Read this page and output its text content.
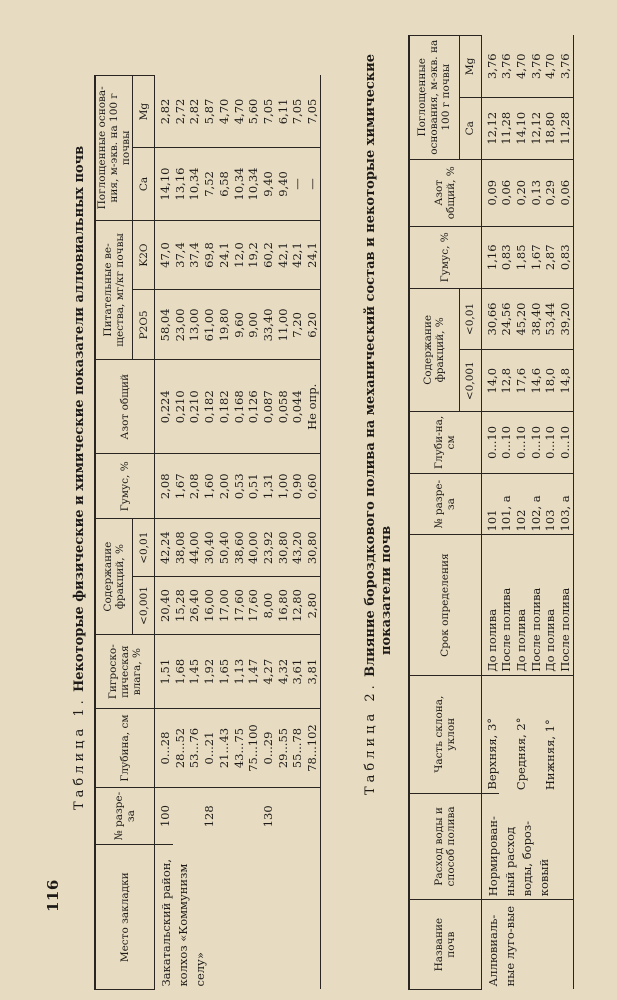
116
Таблица 1. Некоторые физические и химические показатели аллювиальных почв
Место закладки	№ разре-за	Глубина, см	Гигроско-пическая влага, %	Содержание фракций, %		Гумус, %	Азот общий	Питательные ве-щества, мг/кг почвы		Поглощенные основа-ния, м-экв. на 100 г почвы	
				<0,001	<0,01			P2O5	K2O	Ca	Mg
Закатальский район, колхоз «Коммунизм селу»	100	0...28	1,51	20,40	42,24	2,08	0,224	58,04	47,0	14,10	2,82
		28...52	1,68	15,28	38,08	1,67	0,210	23,00	37,4	13,16	2,72
		53...76	1,45	26,40	44,00	2,08	0,210	13,00	37,4	10,34	2,82
	128	0...21	1,92	16,00	30,40	1,60	0,182	61,00	69,8	7,52	5,87
		21...43	1,65	17,00	50,40	2,00	0,182	19,80	24,1	6,58	4,70
		43...75	1,13	17,60	38,60	0,53	0,168	9,60	12,0	10,34	4,70
		75...100	1,47	17,60	40,00	0,51	0,126	9,00	19,2	10,34	5,60
	130	0...29	4,27	8,00	23,92	1,31	0,087	33,40	60,2	9,40	7,05
		29...55	4,32	16,80	30,80	1,00	0,058	11,00	42,1	9,40	6,11
		55...78	3,61	12,80	43,20	0,90	0,044	7,20	42,1	—	7,05
		78...102	3,81	2,80	30,80	0,60	Не опр.	6,20	24,1	—	7,05
Таблица 2. Влияние бороздкового полива на механический состав и некоторые химические показатели почв
Название почв	Расход воды и способ полива	Часть склона, уклон	Срок определения	№ разре-за	Глуби-на, см	Содержание фракций, %		Гумус, %	Азот общий, %	Поглощенные основания, м-экв. на 100 г почвы	
						<0,001	<0,01			Ca	Mg
Аллювиаль-ные луго-вые	Нормирован-ный расход воды, бороз-ковый	Верхняя, 3°	До полива	101	0...10	14,0	30,66	1,16	0,09	12,12	3,76
			После полива	101, а	0...10	12,8	24,56	0,83	0,06	11,28	3,76
		Средняя, 2°	До полива	102	0...10	17,6	45,20	1,85	0,20	14,10	4,70
			После полива	102, а	0...10	14,6	38,40	1,67	0,13	12,12	3,76
		Нижняя, 1°	До полива	103	0...10	18,0	53,44	2,87	0,29	18,80	4,70
			После полива	103, а	0...10	14,8	39,20	0,83	0,06	11,28	3,76
